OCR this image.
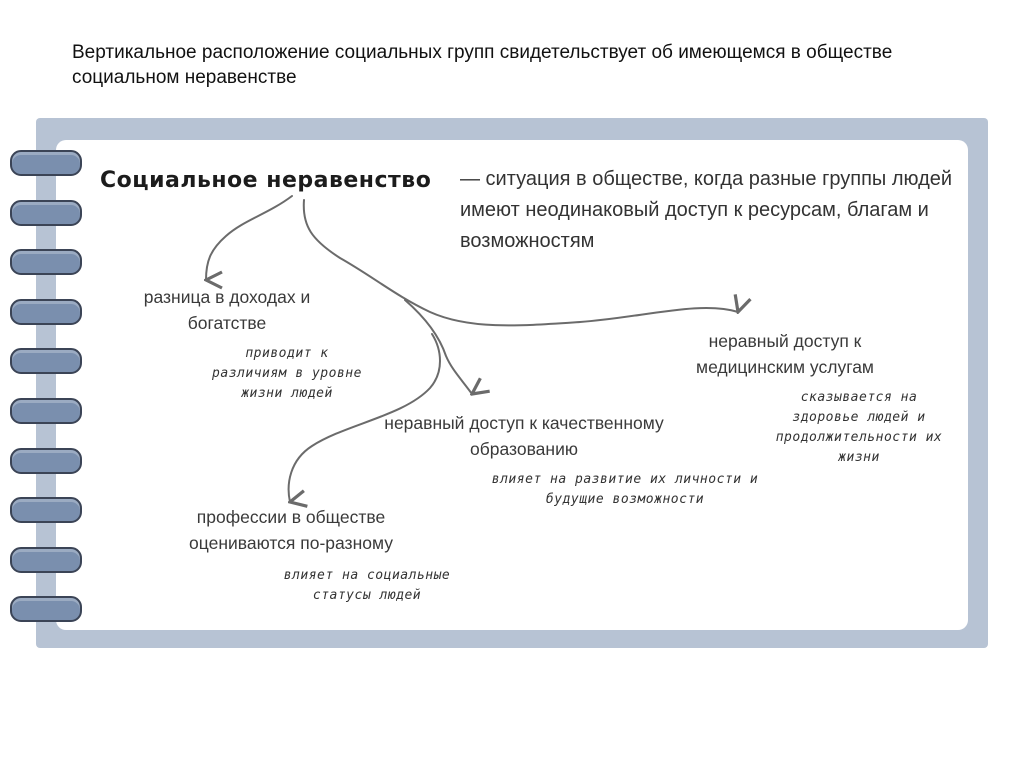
Вертикальное расположение социальных групп свидетельствует об имеющемся в обществе социальном неравенстве
Социальное неравенство — ситуация в обществе, когда разные группы людей имеют неодинаковый доступ к ресурсам, благам и возможностям
разница в доходах и богатстве
приводит к различиям в уровне жизни людей
неравный доступ к медицинским услугам
сказывается на здоровье людей и продолжительности их жизни
неравный доступ к качественному образованию
влияет на развитие их личности и будущие возможности
профессии в обществе оцениваются по-разному
влияет на социальные статусы людей
